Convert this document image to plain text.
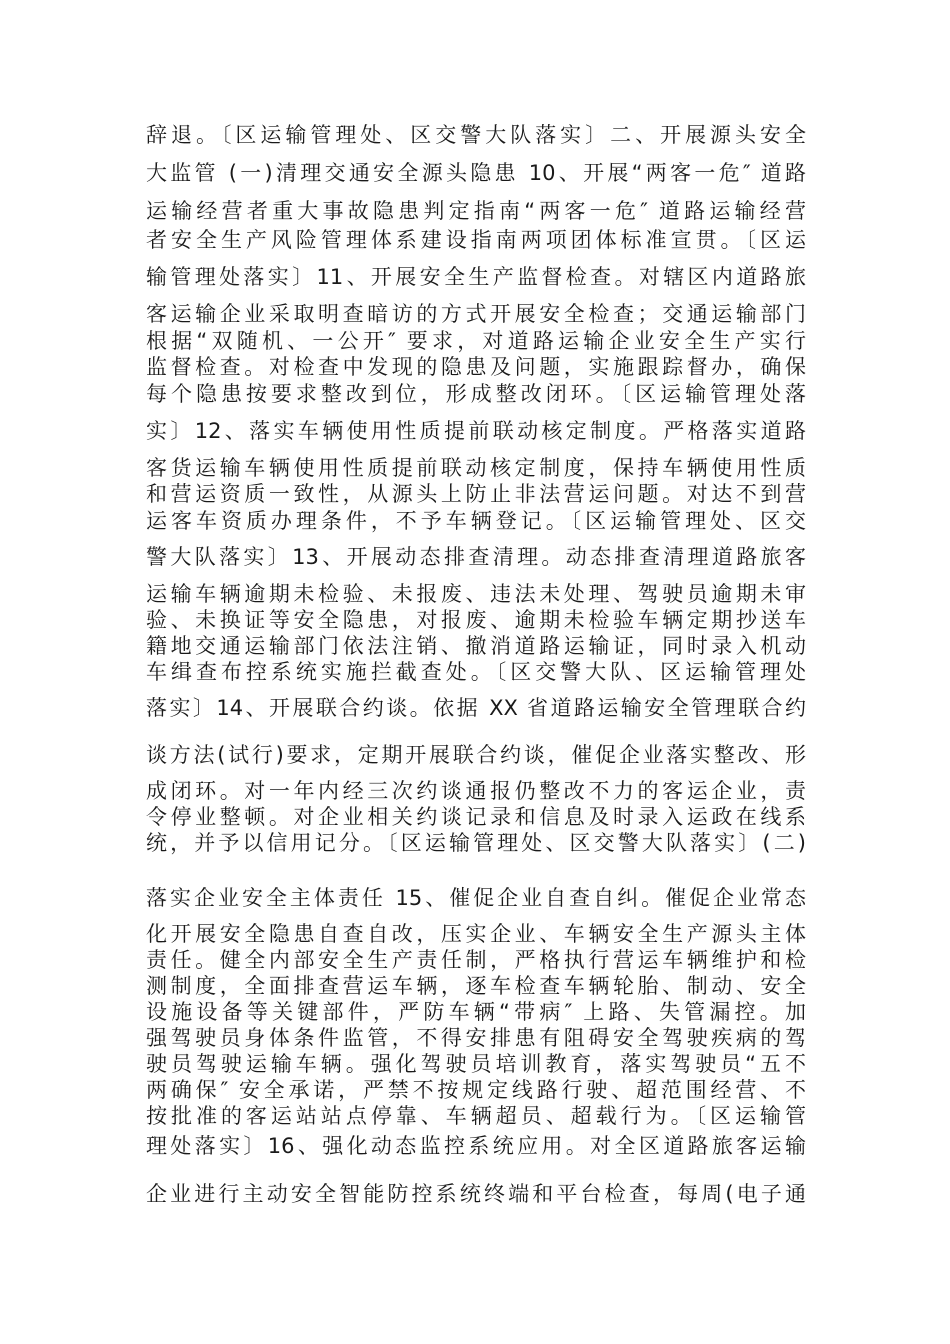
辞退。〔区运输管理处、区交警大队落实〕二、开展源头安全
大监管 (一)清理交通安全源头隐患 10、开展“两客一危″ 道路
运输经营者重大事故隐患判定指南“两客一危″ 道路运输经营
者安全生产风险管理体系建设指南两项团体标准宣贯。〔区运
输管理处落实〕11、开展安全生产监督检查。对辖区内道路旅
客运输企业采取明查暗访的方式开展安全检查；交通运输部门
根据“双随机、一公开″ 要求，对道路运输企业安全生产实行
监督检查。对检查中发现的隐患及问题，实施跟踪督办，确保
每个隐患按要求整改到位，形成整改闭环。〔区运输管理处落
实〕12、落实车辆使用性质提前联动核定制度。严格落实道路
客货运输车辆使用性质提前联动核定制度，保持车辆使用性质
和营运资质一致性，从源头上防止非法营运问题。对达不到营
运客车资质办理条件，不予车辆登记。〔区运输管理处、区交
警大队落实〕13、开展动态排查清理。动态排查清理道路旅客
运输车辆逾期未检验、未报废、违法未处理、驾驶员逾期未审
验、未换证等安全隐患，对报废、逾期未检验车辆定期抄送车
籍地交通运输部门依法注销、撤消道路运输证，同时录入机动
车缉查布控系统实施拦截查处。〔区交警大队、区运输管理处
落实〕14、开展联合约谈。依据 XX 省道路运输安全管理联合约
谈方法(试行)要求，定期开展联合约谈，催促企业落实整改、形
成闭环。对一年内经三次约谈通报仍整改不力的客运企业，责
令停业整顿。对企业相关约谈记录和信息及时录入运政在线系
统，并予以信用记分。〔区运输管理处、区交警大队落实〕(二)
落实企业安全主体责任 15、催促企业自查自纠。催促企业常态
化开展安全隐患自查自改，压实企业、车辆安全生产源头主体
责任。健全内部安全生产责任制，严格执行营运车辆维护和检
测制度，全面排查营运车辆，逐车检查车辆轮胎、制动、安全
设施设备等关键部件，严防车辆“带病″ 上路、失管漏控。加
强驾驶员身体条件监管，不得安排患有阻碍安全驾驶疾病的驾
驶员驾驶运输车辆。强化驾驶员培训教育，落实驾驶员“五不
两确保″ 安全承诺，严禁不按规定线路行驶、超范围经营、不
按批准的客运站站点停靠、车辆超员、超载行为。〔区运输管
理处落实〕16、强化动态监控系统应用。对全区道路旅客运输
企业进行主动安全智能防控系统终端和平台检查，每周(电子通
